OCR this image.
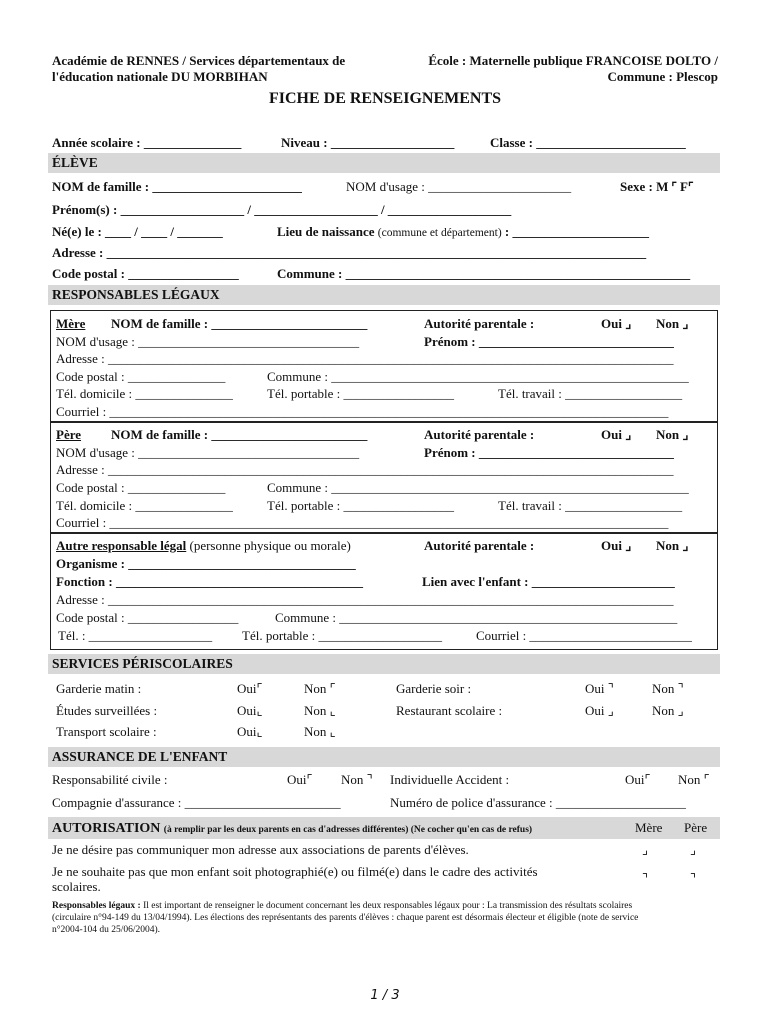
Académie de RENNES / Services départementaux de
l'éducation nationale DU MORBIHAN
École : Maternelle publique FRANCOISE DOLTO /
Commune : Plescop
FICHE DE RENSEIGNEMENTS
Année scolaire : _______________	Niveau : ___________________	Classe : _______________________
ÉLÈVE
NOM de famille : _______________________	NOM d'usage : ______________________	Sexe : M ⌜ F⌜
Prénom(s) : ___________________ / ___________________ / ___________________
Né(e) le : ____ / ____ / _______	Lieu de naissance (commune et département) : _____________________
Adresse : ___________________________________________________________________________________
Code postal : _________________	Commune : _____________________________________________________
RESPONSABLES LÉGAUX
Mère NOM de famille : ________________________	Autorité parentale :	Oui ⌟ Non ⌟
NOM d'usage : __________________________________	Prénom : ______________________________
Adresse : _______________________________________________________________________________________
Code postal : _______________	Commune : _______________________________________________________
Tél. domicile : _______________	Tél. portable : _________________	Tél. travail : __________________
Courriel : ______________________________________________________________________________________
Père NOM de famille : ________________________	Autorité parentale :	Oui ⌟ Non ⌟
NOM d'usage : __________________________________	Prénom : ______________________________
Adresse : _______________________________________________________________________________________
Code postal : _______________	Commune : _______________________________________________________
Tél. domicile : _______________	Tél. portable : _________________	Tél. travail : __________________
Courriel : ______________________________________________________________________________________
Autre responsable légal (personne physique ou morale)	Autorité parentale :	Oui ⌟ Non ⌟
Organisme : ___________________________________
Fonction : ______________________________________	Lien avec l'enfant : ______________________
Adresse : _______________________________________________________________________________________
Code postal : _________________	Commune : ____________________________________________________
Tél. : ___________________ Tél. portable : ___________________	Courriel : _________________________
SERVICES PÉRISCOLAIRES
Garderie matin :	Oui⌜	Non ⌜	Garderie soir :	Oui ⌝	Non ⌝
Études surveillées :	Oui⌞	Non ⌞	Restaurant scolaire :	Oui ⌟	Non ⌟
Transport scolaire :	Oui⌞	Non ⌞
ASSURANCE DE L'ENFANT
Responsabilité civile :	Oui⌜ Non ⌝ Individuelle Accident :	Oui⌜ Non ⌜
Compagnie d'assurance : ________________________	Numéro de police d'assurance : ____________________
AUTORISATION (à remplir par les deux parents en cas d'adresses différentes) (Ne cocher qu'en cas de refus)	Mère Père
Je ne désire pas communiquer mon adresse aux associations de parents d'élèves.	⌟	⌟
Je ne souhaite pas que mon enfant soit photographié(e) ou filmé(e) dans le cadre des activités
scolaires.
⌝	⌝
Responsables légaux : Il est important de renseigner le document concernant les deux responsables légaux pour : La transmission des résultats scolaires
(circulaire n°94-149 du 13/04/1994). Les élections des représentants des parents d'élèves : chaque parent est désormais électeur et éligible (note de service
n°2004-104 du 25/06/2004).
1 / 3
